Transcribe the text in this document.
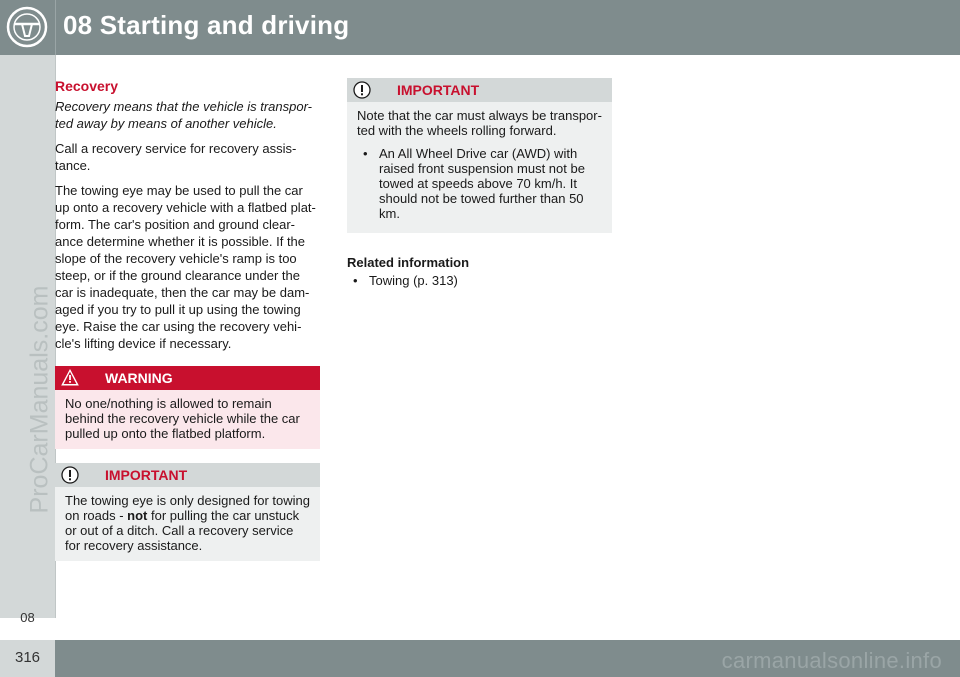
08 Starting and driving
ProCarManuals.com
08
Recovery

Recovery means that the vehicle is transpor-ted away by means of another vehicle.

Call a recovery service for recovery assis-tance.

The towing eye may be used to pull the car up onto a recovery vehicle with a flatbed plat-form. The car's position and ground clear-ance determine whether it is possible. If the slope of the recovery vehicle's ramp is too steep, or if the ground clearance under the car is inadequate, then the car may be dam-aged if you try to pull it up using the towing eye. Raise the car using the recovery vehi-cle's lifting device if necessary.

WARNING
No one/nothing is allowed to remain behind the recovery vehicle while the car pulled up onto the flatbed platform.
IMPORTANT
The towing eye is only designed for towing on roads - not for pulling the car unstuck or out of a ditch. Call a recovery service for recovery assistance.
IMPORTANT
Note that the car must always be transpor-ted with the wheels rolling forward.
• An All Wheel Drive car (AWD) with raised front suspension must not be towed at speeds above 70 km/h. It should not be towed further than 50 km.
Related information
• Towing (p. 313)
316	carmanualsonline.info
